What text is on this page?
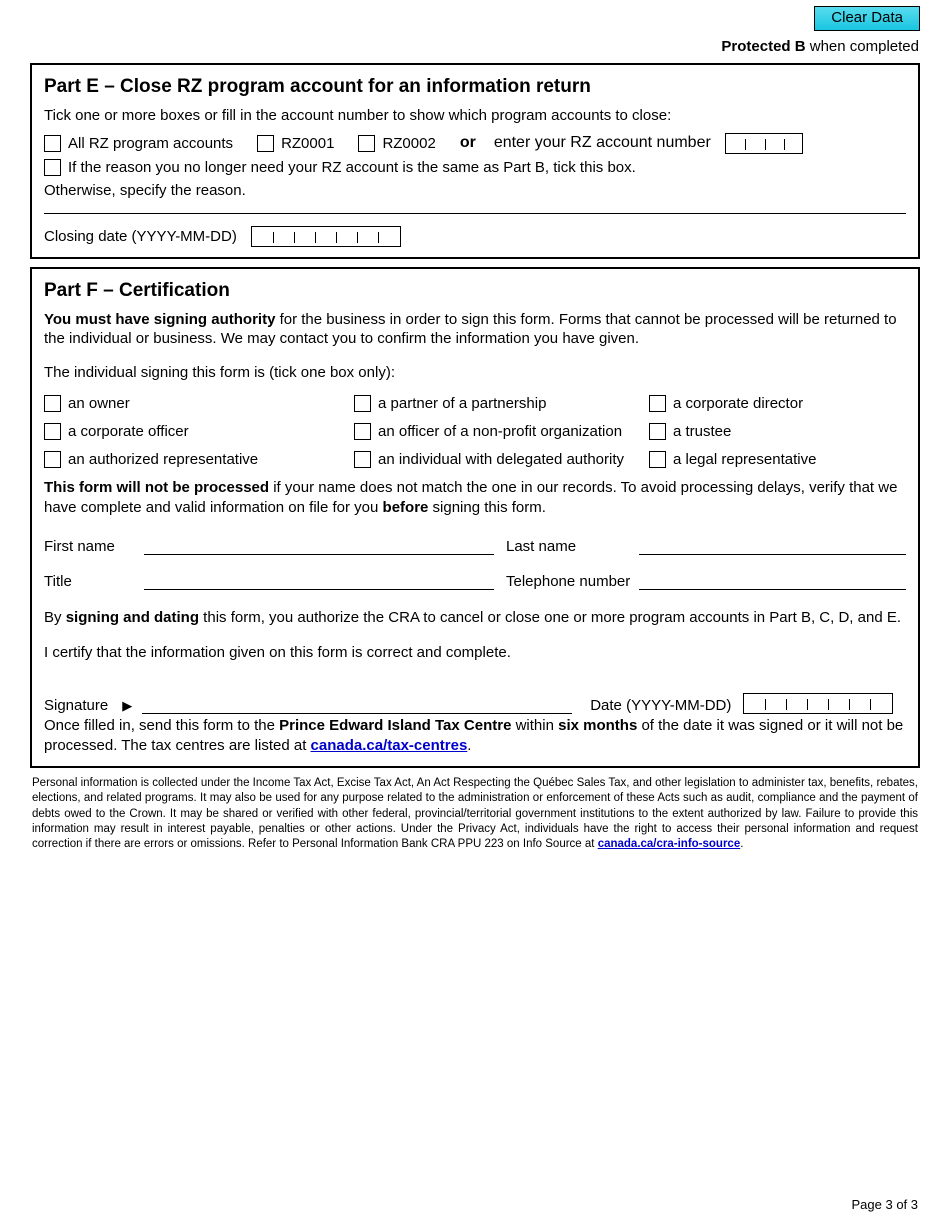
Clear Data
Protected B when completed
Part E – Close RZ program account for an information return
Tick one or more boxes or fill in the account number to show which program accounts to close:
All RZ program accounts	RZ0001	RZ0002 or enter your RZ account number
If the reason you no longer need your RZ account is the same as Part B, tick this box.
Otherwise, specify the reason.
Closing date (YYYY-MM-DD)
Part F – Certification
You must have signing authority for the business in order to sign this form. Forms that cannot be processed will be returned to the individual or business. We may contact you to confirm the information you have given.
The individual signing this form is (tick one box only):
an owner	a partner of a partnership	a corporate director
a corporate officer	an officer of a non-profit organization	a trustee
an authorized representative	an individual with delegated authority	a legal representative
This form will not be processed if your name does not match the one in our records. To avoid processing delays, verify that we have complete and valid information on file for you before signing this form.
First name	Last name
Title	Telephone number
By signing and dating this form, you authorize the CRA to cancel or close one or more program accounts in Part B, C, D, and E.
I certify that the information given on this form is correct and complete.
Signature ▶	Date (YYYY-MM-DD)
Once filled in, send this form to the Prince Edward Island Tax Centre within six months of the date it was signed or it will not be processed. The tax centres are listed at canada.ca/tax-centres.
Personal information is collected under the Income Tax Act, Excise Tax Act, An Act Respecting the Québec Sales Tax, and other legislation to administer tax, benefits, rebates, elections, and related programs. It may also be used for any purpose related to the administration or enforcement of these Acts such as audit, compliance and the payment of debts owed to the Crown. It may be shared or verified with other federal, provincial/territorial government institutions to the extent authorized by law. Failure to provide this information may result in interest payable, penalties or other actions. Under the Privacy Act, individuals have the right to access their personal information and request correction if there are errors or omissions. Refer to Personal Information Bank CRA PPU 223 on Info Source at canada.ca/cra-info-source.
Page 3 of 3
